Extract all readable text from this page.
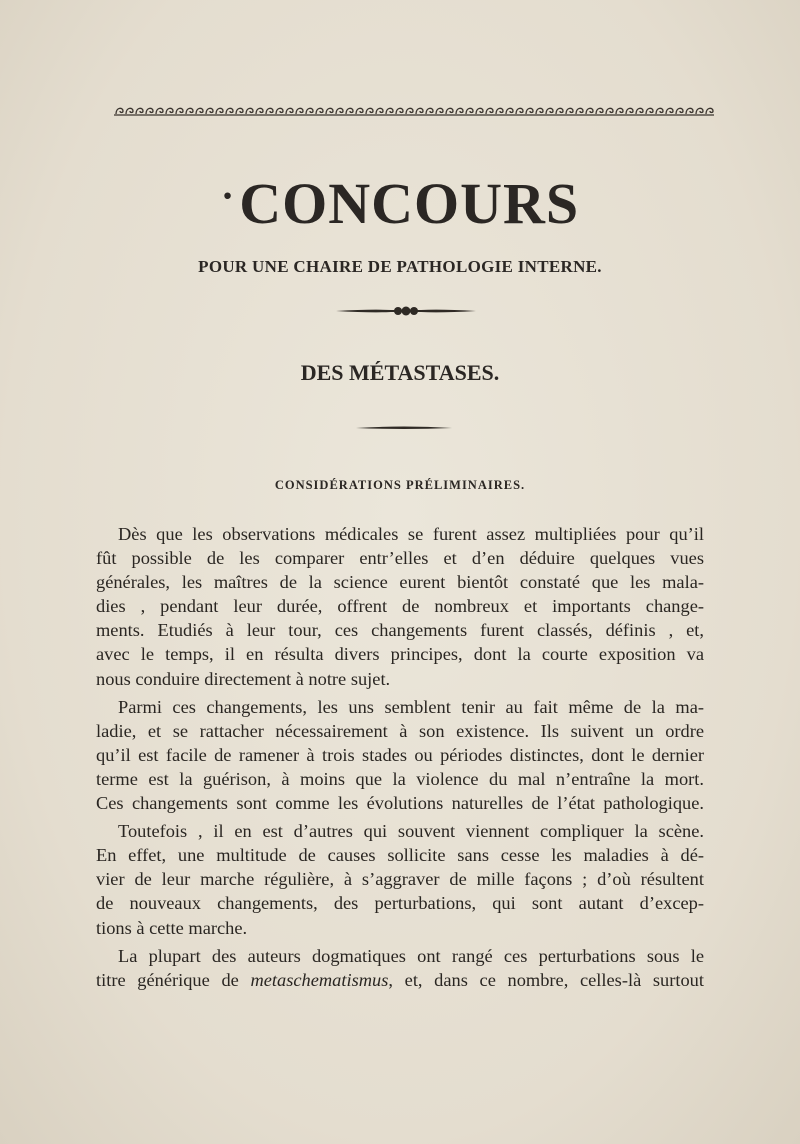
·CONCOURS
POUR UNE CHAIRE DE PATHOLOGIE INTERNE.
DES MÉTASTASES.
CONSIDÉRATIONS PRÉLIMINAIRES.
Dès que les observations médicales se furent assez multipliées pour qu’il
fût possible de les comparer entr’elles et d’en déduire quelques vues
générales, les maîtres de la science eurent bientôt constaté que les mala-
dies , pendant leur durée, offrent de nombreux et importants change-
ments. Etudiés à leur tour, ces changements furent classés, définis , et,
avec le temps, il en résulta divers principes, dont la courte exposition va
nous conduire directement à notre sujet.
Parmi ces changements, les uns semblent tenir au fait même de la ma-
ladie, et se rattacher nécessairement à son existence. Ils suivent un ordre
qu’il est facile de ramener à trois stades ou périodes distinctes, dont le dernier
terme est la guérison, à moins que la violence du mal n’entraîne la mort.
Ces changements sont comme les évolutions naturelles de l’état pathologique.
Toutefois , il en est d’autres qui souvent viennent compliquer la scène.
En effet, une multitude de causes sollicite sans cesse les maladies à dé-
vier de leur marche régulière, à s’aggraver de mille façons ; d’où résultent
de nouveaux changements, des perturbations, qui sont autant d’excep-
tions à cette marche.
La plupart des auteurs dogmatiques ont rangé ces perturbations sous le
titre générique de metaschematismus, et, dans ce nombre, celles-là surtout
